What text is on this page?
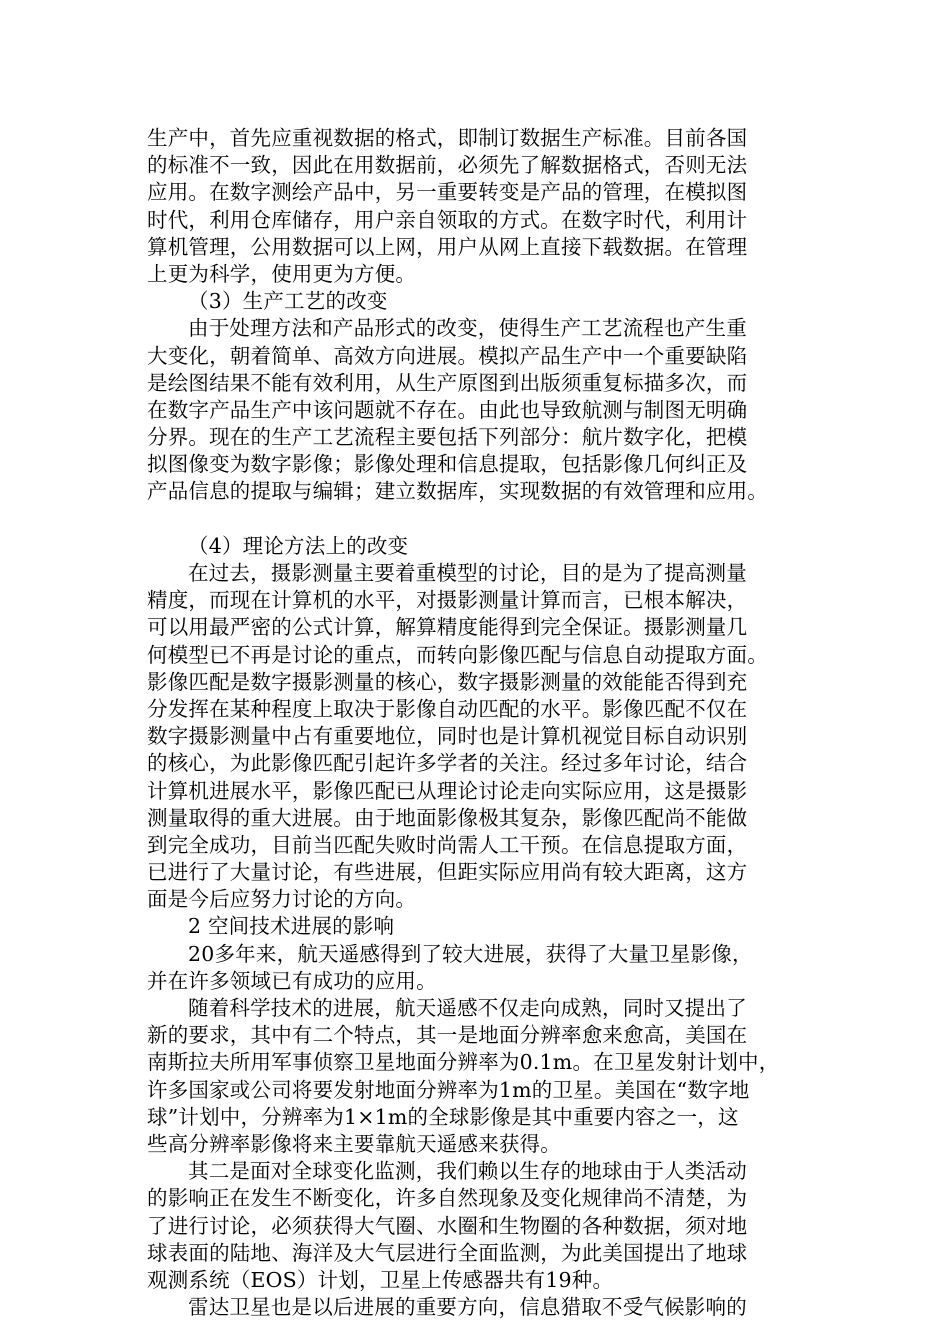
生产中，首先应重视数据的格式，即制订数据生产标准。目前各国
的标准不一致，因此在用数据前，必须先了解数据格式，否则无法
应用。在数字测绘产品中，另一重要转变是产品的管理，在模拟图
时代，利用仓库储存，用户亲自领取的方式。在数字时代，利用计
算机管理，公用数据可以上网，用户从网上直接下载数据。在管理
上更为科学，使用更为方便。
（3）生产工艺的改变
由于处理方法和产品形式的改变，使得生产工艺流程也产生重
大变化，朝着简单、高效方向进展。模拟产品生产中一个重要缺陷
是绘图结果不能有效利用，从生产原图到出版须重复标描多次，而
在数字产品生产中该问题就不存在。由此也导致航测与制图无明确
分界。现在的生产工艺流程主要包括下列部分：航片数字化，把模
拟图像变为数字影像；影像处理和信息提取，包括影像几何纠正及
产品信息的提取与编辑；建立数据库，实现数据的有效管理和应用。
（4）理论方法上的改变
在过去，摄影测量主要着重模型的讨论，目的是为了提高测量
精度，而现在计算机的水平，对摄影测量计算而言，已根本解决，
可以用最严密的公式计算，解算精度能得到完全保证。摄影测量几
何模型已不再是讨论的重点，而转向影像匹配与信息自动提取方面。
影像匹配是数字摄影测量的核心，数字摄影测量的效能能否得到充
分发挥在某种程度上取决于影像自动匹配的水平。影像匹配不仅在
数字摄影测量中占有重要地位，同时也是计算机视觉目标自动识别
的核心，为此影像匹配引起许多学者的关注。经过多年讨论，结合
计算机进展水平，影像匹配已从理论讨论走向实际应用，这是摄影
测量取得的重大进展。由于地面影像极其复杂，影像匹配尚不能做
到完全成功，目前当匹配失败时尚需人工干预。在信息提取方面，
已进行了大量讨论，有些进展，但距实际应用尚有较大距离，这方
面是今后应努力讨论的方向。
2 空间技术进展的影响
20多年来，航天遥感得到了较大进展，获得了大量卫星影像，
并在许多领域已有成功的应用。
随着科学技术的进展，航天遥感不仅走向成熟，同时又提出了
新的要求，其中有二个特点，其一是地面分辨率愈来愈高，美国在
南斯拉夫所用军事侦察卫星地面分辨率为0.1m。在卫星发射计划中，
许多国家或公司将要发射地面分辨率为1m的卫星。美国在“数字地
球”计划中，分辨率为1×1m的全球影像是其中重要内容之一，这
些高分辨率影像将来主要靠航天遥感来获得。
其二是面对全球变化监测，我们赖以生存的地球由于人类活动
的影响正在发生不断变化，许多自然现象及变化规律尚不清楚，为
了进行讨论，必须获得大气圈、水圈和生物圈的各种数据，须对地
球表面的陆地、海洋及大气层进行全面监测，为此美国提出了地球
观测系统（EOS）计划，卫星上传感器共有19种。
雷达卫星也是以后进展的重要方向，信息猎取不受气候影响的
